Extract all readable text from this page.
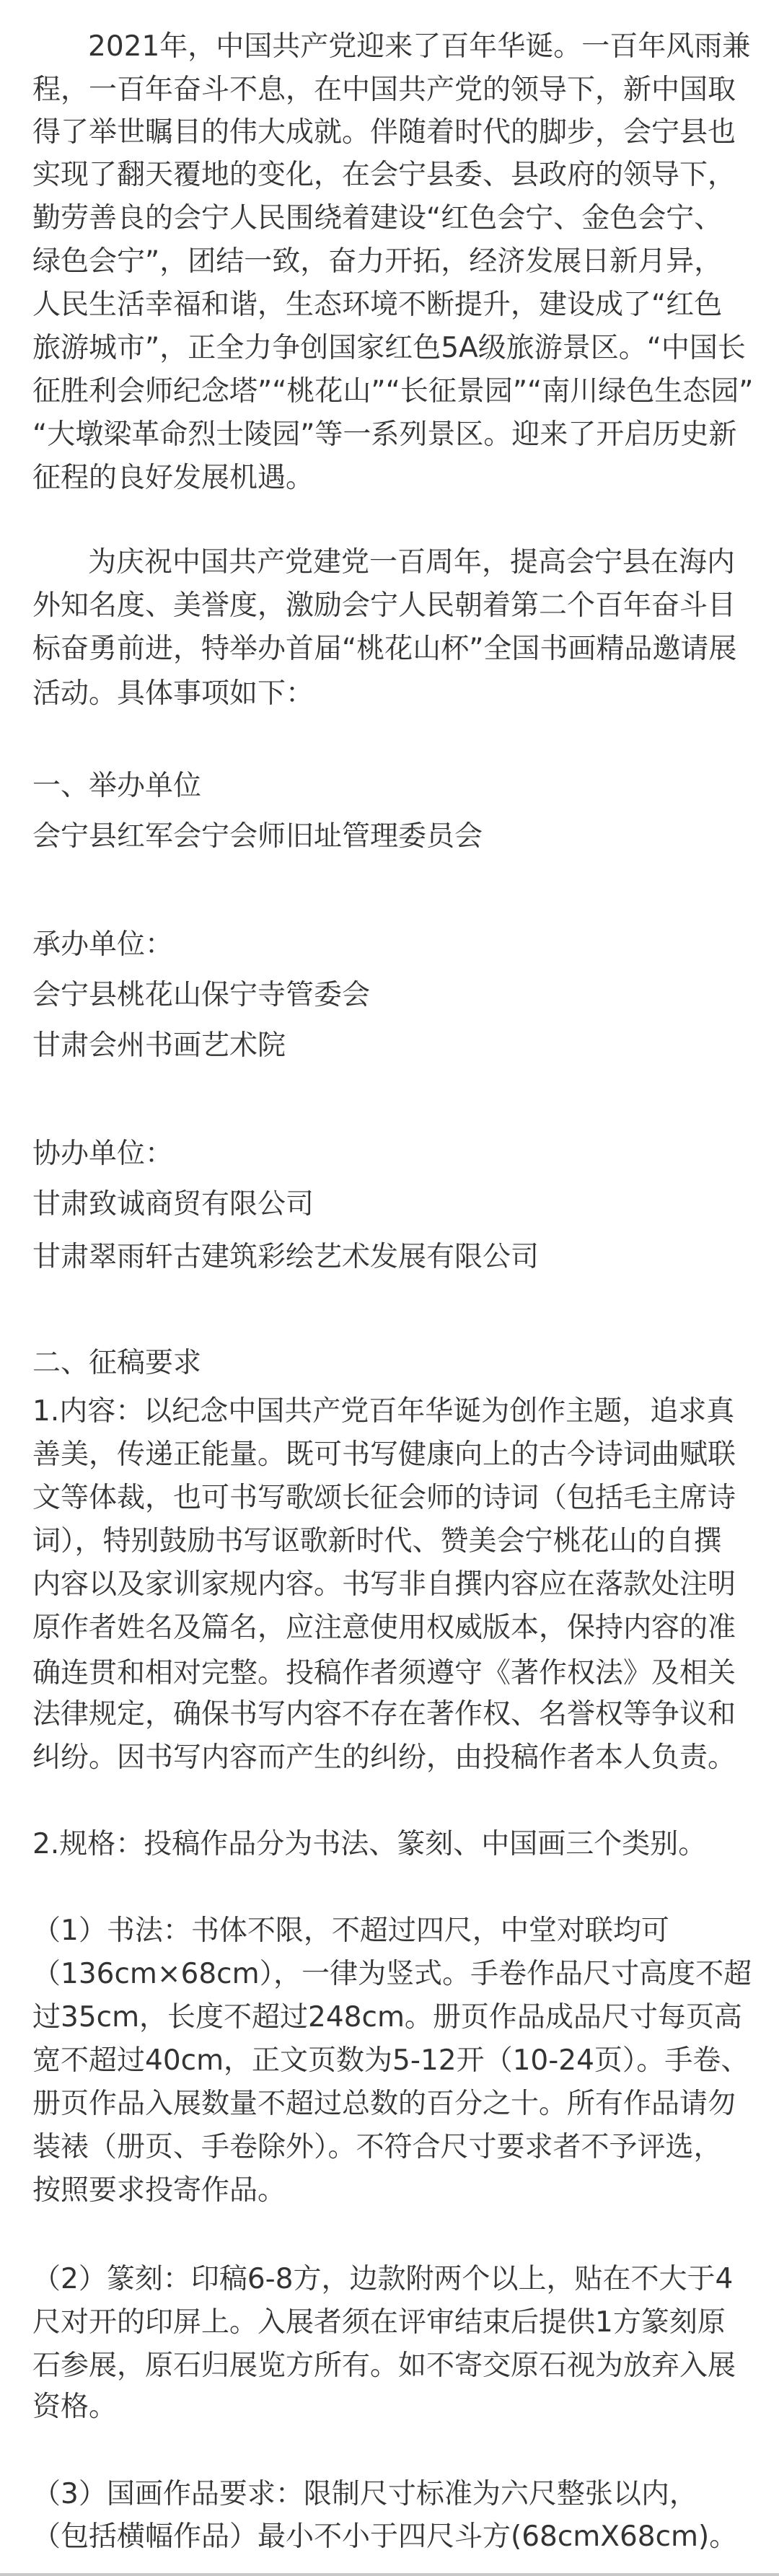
2021年，中国共产党迎来了百年华诞。一百年风雨兼
程，一百年奋斗不息，在中国共产党的领导下，新中国取
得了举世瞩目的伟大成就。伴随着时代的脚步，会宁县也
实现了翻天覆地的变化，在会宁县委、县政府的领导下，
勤劳善良的会宁人民围绕着建设“红色会宁、金色会宁、
绿色会宁”，团结一致，奋力开拓，经济发展日新月异，
人民生活幸福和谐，生态环境不断提升，建设成了“红色
旅游城市”，正全力争创国家红色5A级旅游景区。“中国长
征胜利会师纪念塔”“桃花山”“长征景园”“南川绿色生态园”
“大墩梁革命烈士陵园”等一系列景区。迎来了开启历史新
征程的良好发展机遇。
为庆祝中国共产党建党一百周年，提高会宁县在海内
外知名度、美誉度，激励会宁人民朝着第二个百年奋斗目
标奋勇前进，特举办首届“桃花山杯”全国书画精品邀请展
活动。具体事项如下：
一、举办单位
会宁县红军会宁会师旧址管理委员会
承办单位：
会宁县桃花山保宁寺管委会
甘肃会州书画艺术院
协办单位：
甘肃致诚商贸有限公司
甘肃翠雨轩古建筑彩绘艺术发展有限公司
二、征稿要求
1.内容：以纪念中国共产党百年华诞为创作主题，追求真
善美，传递正能量。既可书写健康向上的古今诗词曲赋联
文等体裁，也可书写歌颂长征会师的诗词（包括毛主席诗
词），特别鼓励书写讴歌新时代、赞美会宁桃花山的自撰
内容以及家训家规内容。书写非自撰内容应在落款处注明
原作者姓名及篇名，应注意使用权威版本，保持内容的准
确连贯和相对完整。投稿作者须遵守《著作权法》及相关
法律规定，确保书写内容不存在著作权、名誉权等争议和
纠纷。因书写内容而产生的纠纷，由投稿作者本人负责。
2.规格：投稿作品分为书法、篆刻、中国画三个类别。
（1）书法：书体不限，不超过四尺，中堂对联均可
（136cm×68cm），一律为竖式。手卷作品尺寸高度不超
过35cm，长度不超过248cm。册页作品成品尺寸每页高
宽不超过40cm，正文页数为5-12开（10-24页）。手卷、
册页作品入展数量不超过总数的百分之十。所有作品请勿
装裱（册页、手卷除外）。不符合尺寸要求者不予评选，
按照要求投寄作品。
（2）篆刻：印稿6-8方，边款附两个以上，贴在不大于4
尺对开的印屏上。入展者须在评审结束后提供1方篆刻原
石参展，原石归展览方所有。如不寄交原石视为放弃入展
资格。
（3）国画作品要求：限制尺寸标准为六尺整张以内，
（包括横幅作品）最小不小于四尺斗方(68cmX68cm)。
